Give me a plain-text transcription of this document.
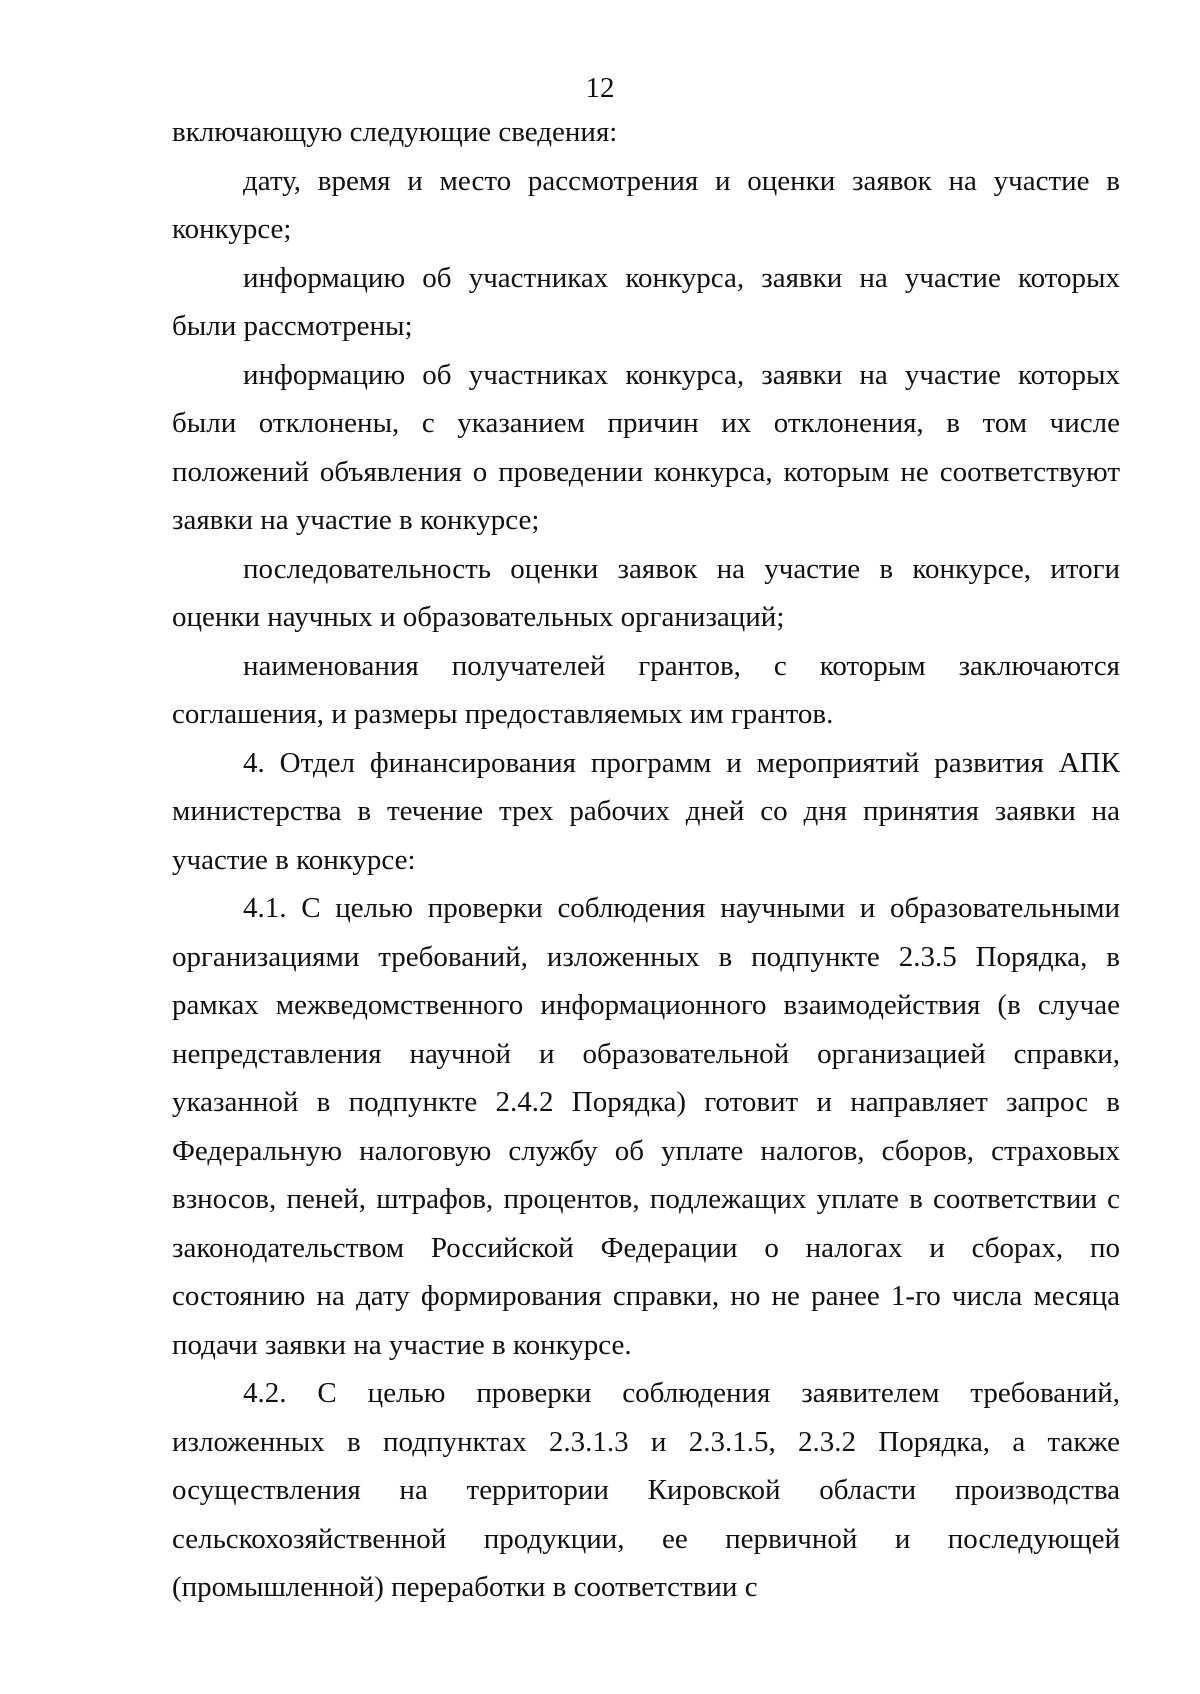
12

включающую следующие сведения:

дату, время и место рассмотрения и оценки заявок на участие в конкурсе;

информацию об участниках конкурса, заявки на участие которых были рассмотрены;

информацию об участниках конкурса, заявки на участие которых были отклонены, с указанием причин их отклонения, в том числе положений объявления о проведении конкурса, которым не соответствуют заявки на участие в конкурсе;

последовательность оценки заявок на участие в конкурсе, итоги оценки научных и образовательных организаций;

наименования получателей грантов, с которым заключаются соглашения, и размеры предоставляемых им грантов.

4. Отдел финансирования программ и мероприятий развития АПК министерства в течение трех рабочих дней со дня принятия заявки на участие в конкурсе:

4.1. С целью проверки соблюдения научными и образовательными организациями требований, изложенных в подпункте 2.3.5 Порядка, в рамках межведомственного информационного взаимодействия (в случае непредставления научной и образовательной организацией справки, указанной в подпункте 2.4.2 Порядка) готовит и направляет запрос в Федеральную налоговую службу об уплате налогов, сборов, страховых взносов, пеней, штрафов, процентов, подлежащих уплате в соответствии с законодательством Российской Федерации о налогах и сборах, по состоянию на дату формирования справки, но не ранее 1-го числа месяца подачи заявки на участие в конкурсе.

4.2. С целью проверки соблюдения заявителем требований, изложенных в подпунктах 2.3.1.3 и 2.3.1.5, 2.3.2 Порядка, а также осуществления на территории Кировской области производства сельскохозяйственной продукции, ее первичной и последующей (промышленной) переработки в соответствии с
